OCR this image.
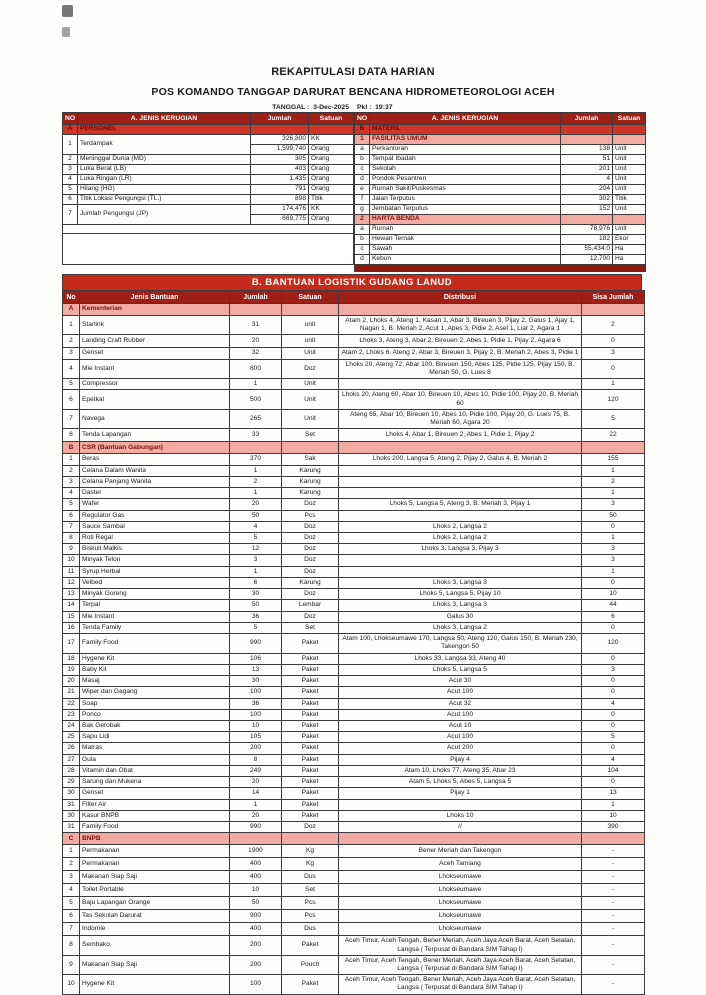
REKAPITULASI DATA HARIAN

POS KOMANDO TANGGAP DARURAT BENCANA HIDROMETEOROLOGI ACEH

TANGGAL : 3-Dec-2025	Pkl : 19:37
NO	A. JENIS KERUGIAN	Jumlah	Satuan
A	PERSONEL		
1	Terdampak	326,800	KK
		1,599,740	Orang
2	Meninggal Dunia (MD)	305	Orang
3	Luka Berat (LB)	403	Orang
4	Luka Ringan (LR)	1,435	Orang
5	Hilang (HG)	791	Orang
6	Titik Lokasi Pengungsi (TL.)	898	Titik
7	Jumlah Pengungsi (JP)	174,476	KK
		669,775	Orang

NO	A. JENIS KERUGIAN	Jumlah	Satuan
B	MATERIL		
1	FASILITAS UMUM		
a	Perkantoran	138	Unit
b	Tempat Ibadah	51	Unit
c	Sekolah	201	Unit
d	Pondok Pesantren	4	Unit
e	Rumah Sakit/Puskesmas	204	Unit
f	Jalan Terputus	302	Titik
g	Jembatan Terputus	152	Unit
2	HARTA BENDA		
a	Rumah	78,976	Unit
b	Hewan Ternak	182	Ekor
c	Sawah	55,434.0	Ha
d	Kebun	12,700	Ha

B. BANTUAN LOGISTIK GUDANG LANUD
No	Jenis Bantuan	Jumlah	Satuan	Distribusi	Sisa Jumlah
A	Kementerian				
1	Starlink	31	unit	Atam 2, Lhoks 4, Ateng 1, Kasan 1, Abar 3, Bireuen 3, Pijay 2, Galus 1, Ajay 1, Nagan 1, B. Meriah 2, Acut 1, Abes 3, Pidie 2, Asel 1, Liar 2, Agara 1	2
2	Landing Craft Rubber	20	unit	Lhoks 3, Ateng 3, Abar 2, Bireuen 2, Abes 1, Pidie 1, Pijay 2, Agara 6	0
3	Genset	32	Unit	Atam 2, Lhoks 6, Ateng 2, Abar 3, Bireuen 3, Pijay 2, B. Meriah 2, Abes 3, Pidie 1	3
4	Mie Instant	800	Doz	Lhoks 20, Ateng 72, Abar 100, Bireuen 150, Abes 125, Pidie 125, Pijay 150, B. Meriah 50, G. Lues 8	0
5	Compressor	1	Unit		1
6	Epetkal	500	Unit	Lhoks 20, Ateng 60, Abar 10, Bireuen 10, Abes 10, Pidie 100, Pijay 20, B. Meriah 60	120
7	Navega	265	Unit	Ateng 65, Abar 10, Bireuen 10, Abes 10, Pidie 100, Pijay 20, G. Lues 75, B. Meriah 60, Agara 20	5
8	Tenda Lapangan	33	Set	Lhoks 4, Abar 1, Bireuen 2, Abes 1, Pidie 1, Pijay 2	22
B	CSR (Bantuan Gabungan)				
1	Beras	370	Sak	Lhoks 200, Langsa 5, Ateng 2, Pijay 2, Galus 4, B. Meriah 2	155
2	Celana Dalam Wanita	1	Karung		1
3	Celana Panjang Wanita	2	Karung		2
4	Daster	1	Karung		1
5	Wafer	20	Doz	Lhoks 5, Langsa 5, Ateng 3, B. Meriah 3, Pijay 1	3
6	Regulator Gas	50	Pcs		50
7	Sauce Sambal	4	Doz	Lhoks 2, Langsa 2	0
8	Roti Regal	5	Doz	Lhoks 2, Langsa 2	1
9	Biskuit Malkis	12	Doz	Lhoks 3, Langsa 3, Pijay 3	3
10	Minyak Telon	3	Doz		3
11	Syrup Herbal	1	Doz		1
12	Velbed	6	Karung	Lhoks 3, Langsa 3	0
13	Minyak Goreng	30	Doz	Lhoks 5, Langsa 5, Pijay 10	10
14	Terpal	50	Lembar	Lhoks 3, Langsa 3	44
15	Mie Instant	36	Doz	Galus 30	6
16	Tenda Family	5	Set	Lhoks 3, Langsa 2	0
17	Family Food	990	Paket	Atam 100, Lhokseumawe 170, Langsa 50, Ateng 120, Galus 150, B. Meriah 230, Takengon 50	120
18	Hygene Kit	106	Paket	Lhoks 33, Langsa 33, Ateng 40	0
19	Baby Kit	13	Paket	Lhoks 5, Langsa 5	3
20	Masaj	30	Paket	Acut 30	0
21	Wiper dan Gagang	100	Paket	Acut 100	0
22	Soap	36	Paket	Acut 32	4
23	Ponco	100	Paket	Acut 100	0
24	Bak Gerobak	10	Paket	Acut 10	0
25	Sapu Lidi	105	Paket	Acut 100	5
26	Matras	200	Paket	Acut 200	0
27	Gula	8	Paket	Pijay 4	4
28	Vitamin dan Obat	249	Paket	Atam 10, Lhoks 77, Ateng 35, Abar 23	104
29	Sarung dan Mukena	20	Paket	Atam 5, Lhoks 5, Abes 5, Langsa 5	0
30	Genset	14	Paket	Pijay 1	13
31	Filter Air	1	Paket		1
30	Kasur BNPB	20	Paket	Lhoks 10	10
31	Family Food	990	Doz	//	390
C	BNPB				
1	Permakanan	1900	Kg	Bener Meriah dan Takengon	-
2	Permakanan	400	Kg	Aceh Tamiang	-
3	Makanan Siap Saji	400	Dus	Lhokseumawe	-
4	Toilet Portable	10	Set	Lhokseumawe	-
5	Baju Lapangan Orange	50	Pcs	Lhokseumawe	-
6	Tas Sekolah Darurat	900	Pcs	Lhokseumawe	-
7	Indomie	400	Dus	Lhokseumawe	-
8	Sembako	200	Paket	Aceh Timur, Aceh Tengah, Bener Meriah, Aceh Jaya Aceh Barat, Aceh Selatan, Langsa ( Terpusat di Bandara SIM Tahap I)	-
9	Makanan Siap Saji	200	Pouch	Aceh Timur, Aceh Tengah, Bener Meriah, Aceh Jaya Aceh Barat, Aceh Selatan, Langsa ( Terpusat di Bandara SIM Tahap I)	-
10	Hygene Kit	100	Paket	Aceh Timur, Aceh Tengah, Bener Meriah, Aceh Jaya Aceh Barat, Aceh Selatan, Langsa ( Terpusat di Bandara SIM Tahap I)	-
